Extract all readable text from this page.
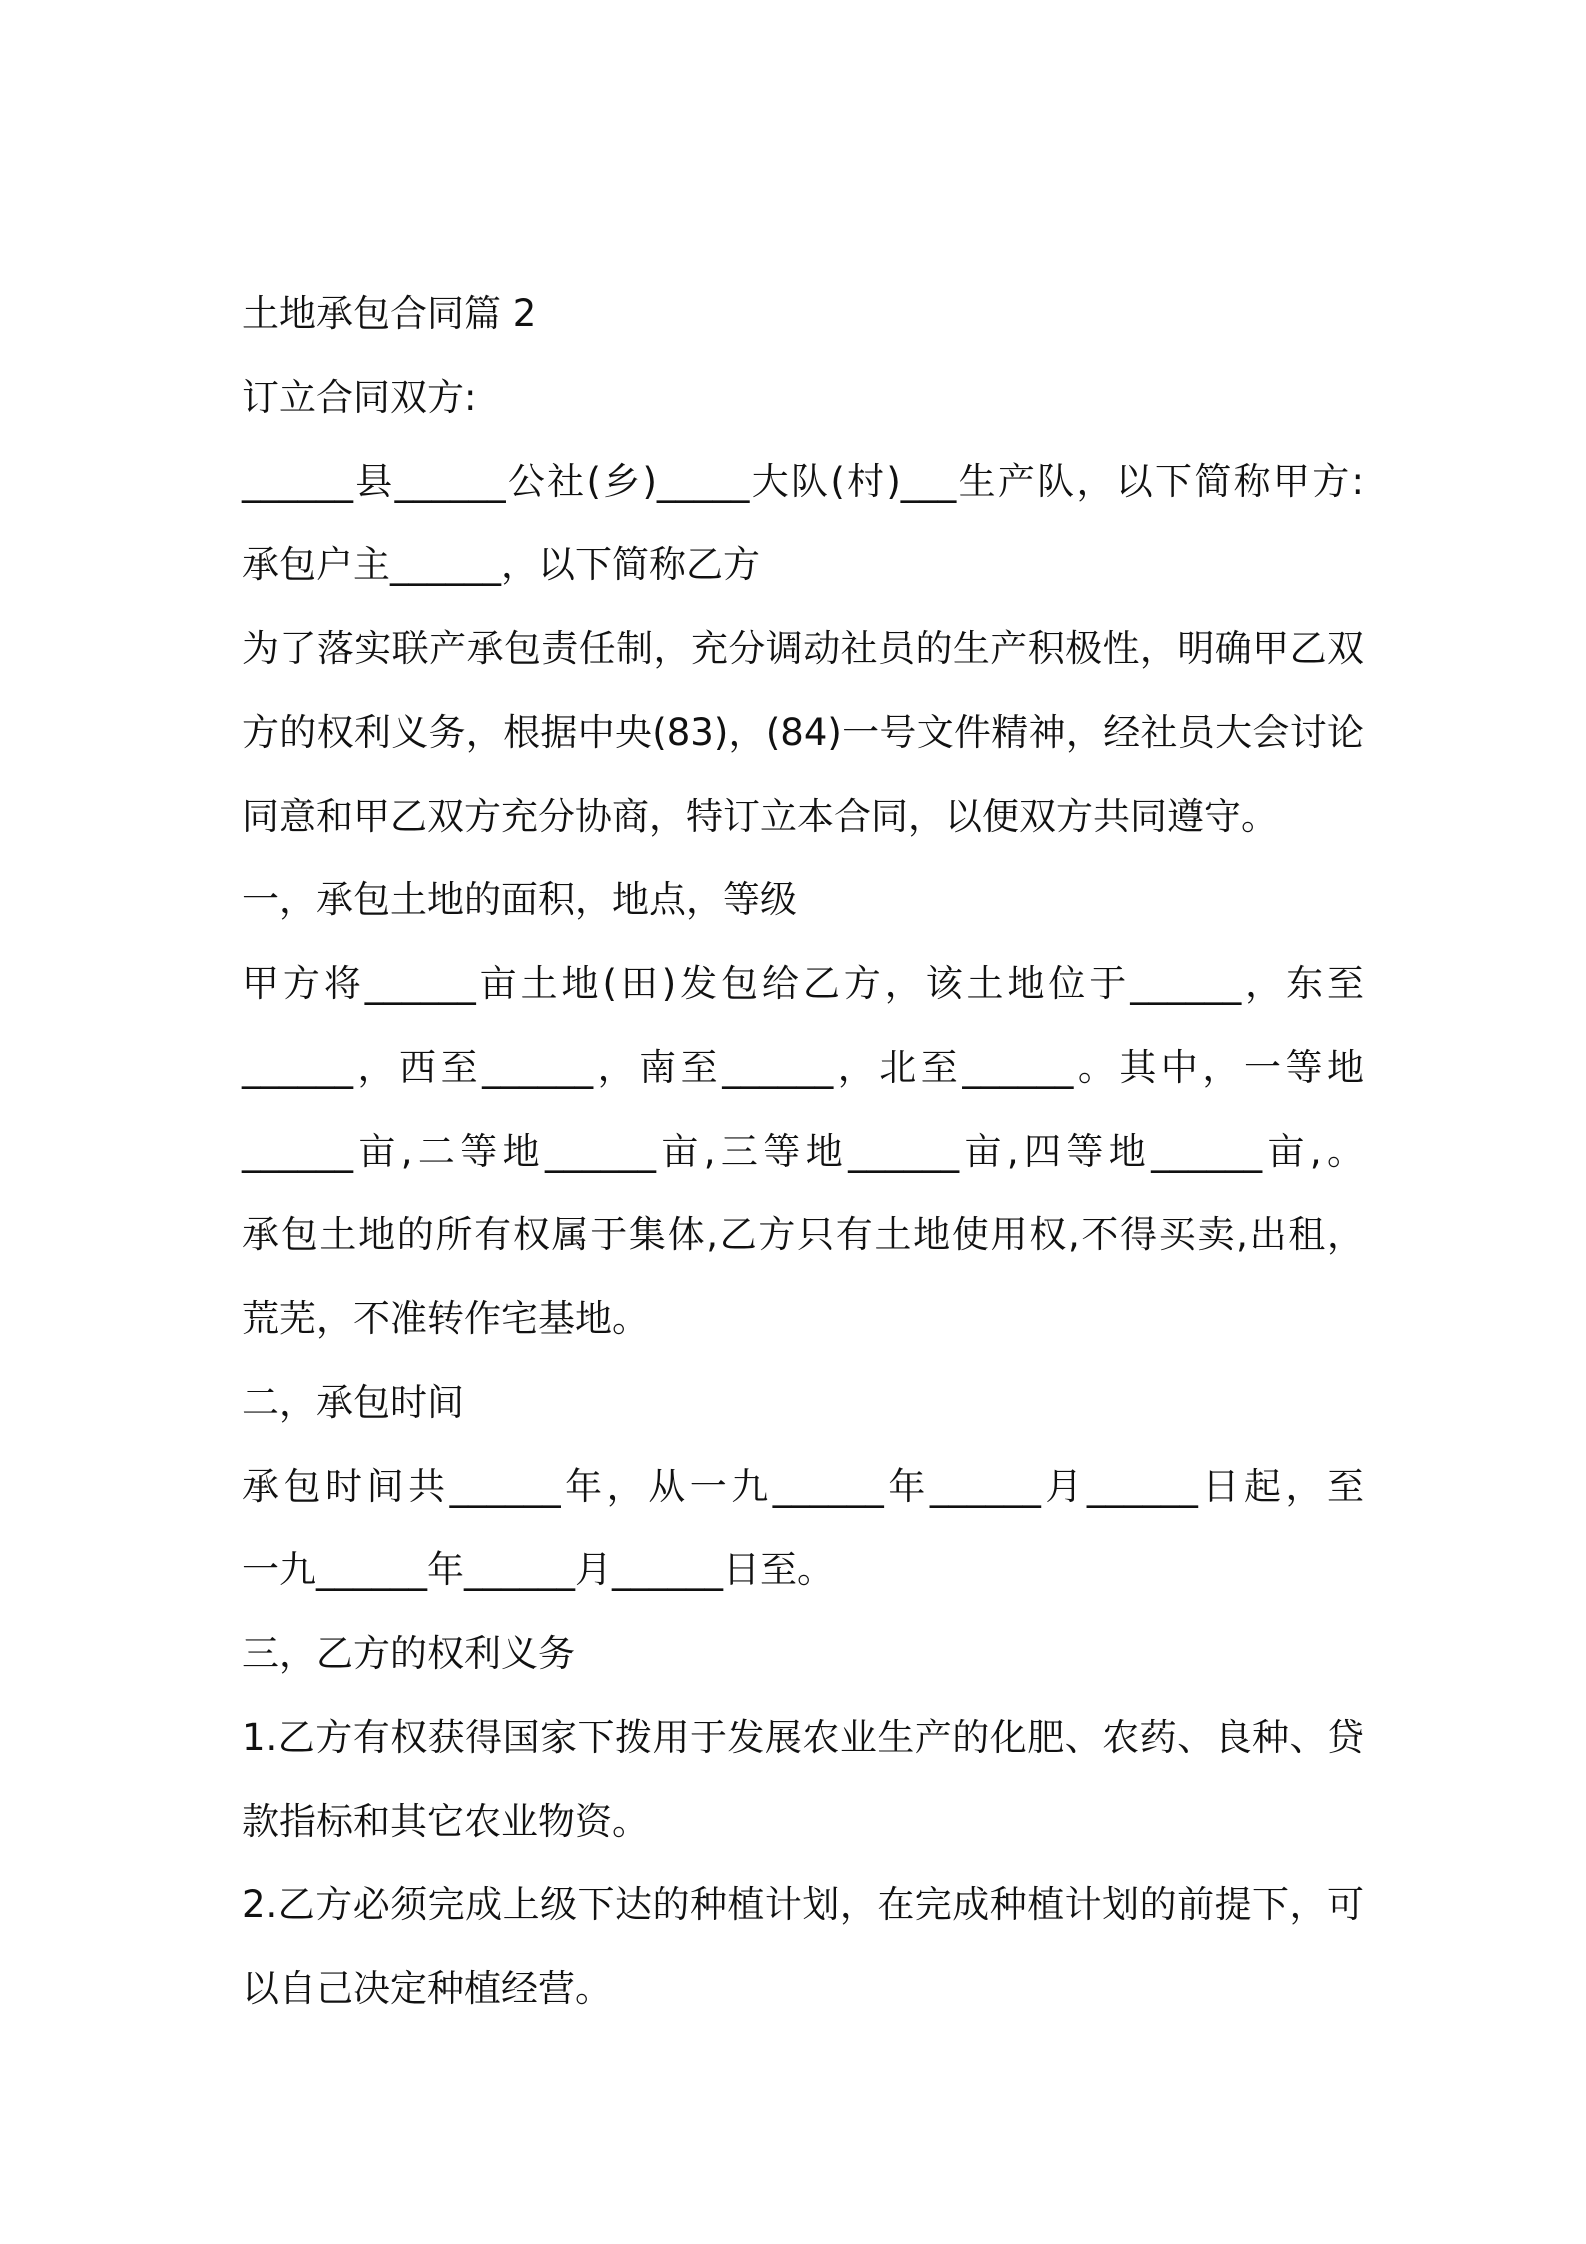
土地承包合同篇 2
订立合同双方:
______县______公社(乡)_____大队(村)___生产队，以下简称甲方:
承包户主______，以下简称乙方
为了落实联产承包责任制，充分调动社员的生产积极性，明确甲乙双
方的权利义务，根据中央(83)，(84)一号文件精神，经社员大会讨论
同意和甲乙双方充分协商，特订立本合同，以便双方共同遵守。
一，承包土地的面积，地点，等级
甲方将______亩土地(田)发包给乙方，该土地位于______，东至
______，西至______，南至______，北至______。其中，一等地
______亩,二等地______亩,三等地______亩,四等地______亩,。
承包土地的所有权属于集体,乙方只有土地使用权,不得买卖,出租，
荒芜，不准转作宅基地。
二，承包时间
承包时间共______年，从一九______年______月______日起，至
一九______年______月______日至。
三，乙方的权利义务
1.乙方有权获得国家下拨用于发展农业生产的化肥、农药、良种、贷
款指标和其它农业物资。
2.乙方必须完成上级下达的种植计划，在完成种植计划的前提下，可
以自己决定种植经营。
